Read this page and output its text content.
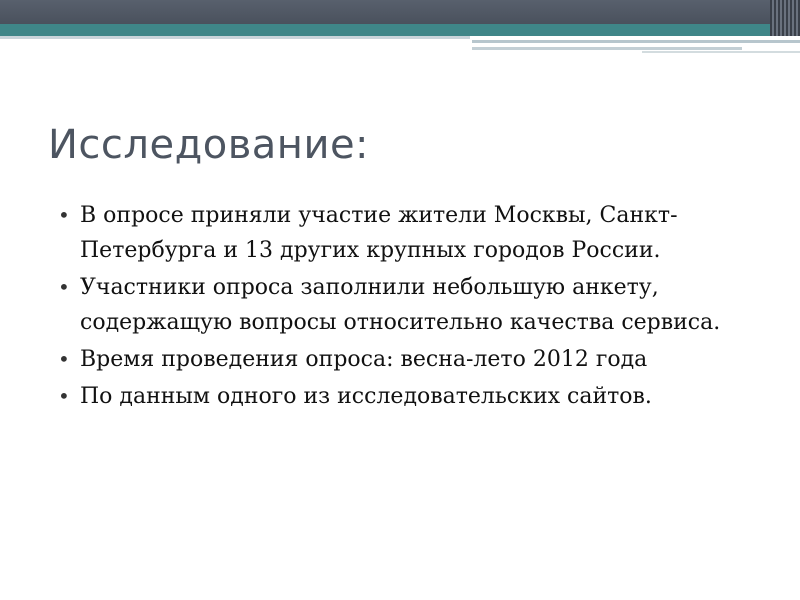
Исследование:
• В опросе приняли участие жители Москвы, Санкт-Петербурга и 13 других крупных городов России.
• Участники опроса заполнили небольшую анкету, содержащую вопросы относительно качества сервиса.
• Время проведения опроса: весна-лето 2012 года
• По данным одного из исследовательских сайтов.
